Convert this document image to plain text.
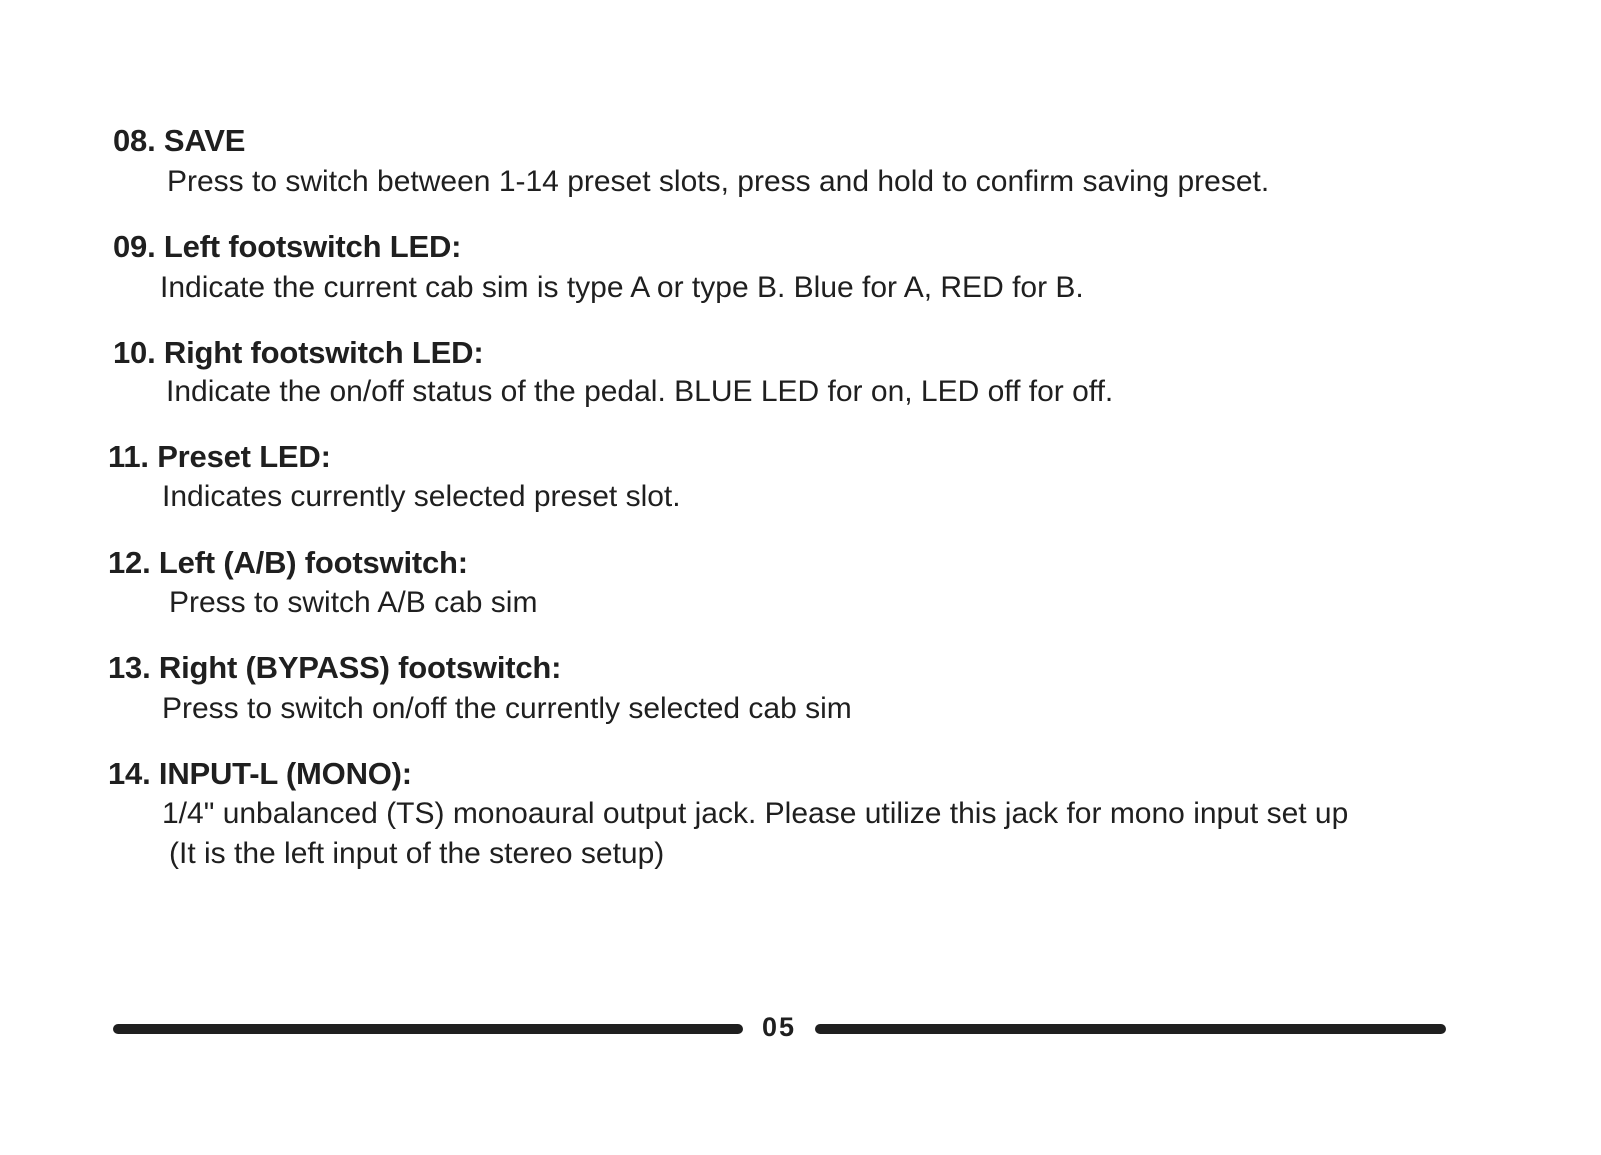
08. SAVE
Press to switch between 1-14 preset slots, press and hold to confirm saving preset.
09. Left footswitch LED:
Indicate the current cab sim is type A or type B. Blue for A, RED for B.
10. Right footswitch LED:
Indicate the on/off status of the pedal. BLUE LED for on, LED off for off.
11. Preset LED:
Indicates currently selected preset slot.
12. Left (A/B) footswitch:
Press to switch A/B cab sim
13. Right (BYPASS) footswitch:
Press to switch on/off the currently selected cab sim
14. INPUT-L (MONO):
1/4" unbalanced (TS) monoaural output jack. Please utilize this jack for mono input set up
(It is the left input of the stereo setup)
05
